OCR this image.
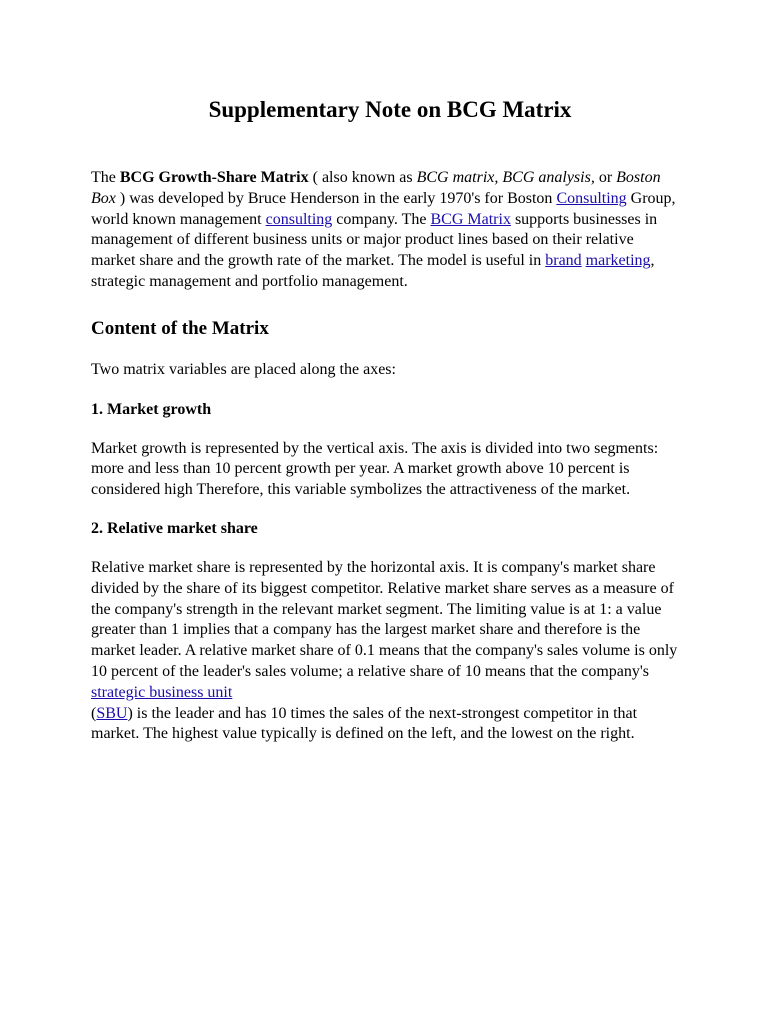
Supplementary Note on BCG Matrix

The BCG Growth-Share Matrix ( also known as BCG matrix, BCG analysis, or Boston Box ) was developed by Bruce Henderson in the early 1970's for Boston Consulting Group, world known management consulting company. The BCG Matrix supports businesses in management of different business units or major product lines based on their relative market share and the growth rate of the market. The model is useful in brand marketing, strategic management and portfolio management.

Content of the Matrix

Two matrix variables are placed along the axes:

1. Market growth

Market growth is represented by the vertical axis. The axis is divided into two segments: more and less than 10 percent growth per year. A market growth above 10 percent is considered high Therefore, this variable symbolizes the attractiveness of the market.

2. Relative market share

Relative market share is represented by the horizontal axis. It is company's market share divided by the share of its biggest competitor. Relative market share serves as a measure of the company's strength in the relevant market segment. The limiting value is at 1: a value greater than 1 implies that a company has the largest market share and therefore is the market leader. A relative market share of 0.1 means that the company's sales volume is only 10 percent of the leader's sales volume; a relative share of 10 means that the company's strategic business unit
(SBU) is the leader and has 10 times the sales of the next-strongest competitor in that market. The highest value typically is defined on the left, and the lowest on the right.
